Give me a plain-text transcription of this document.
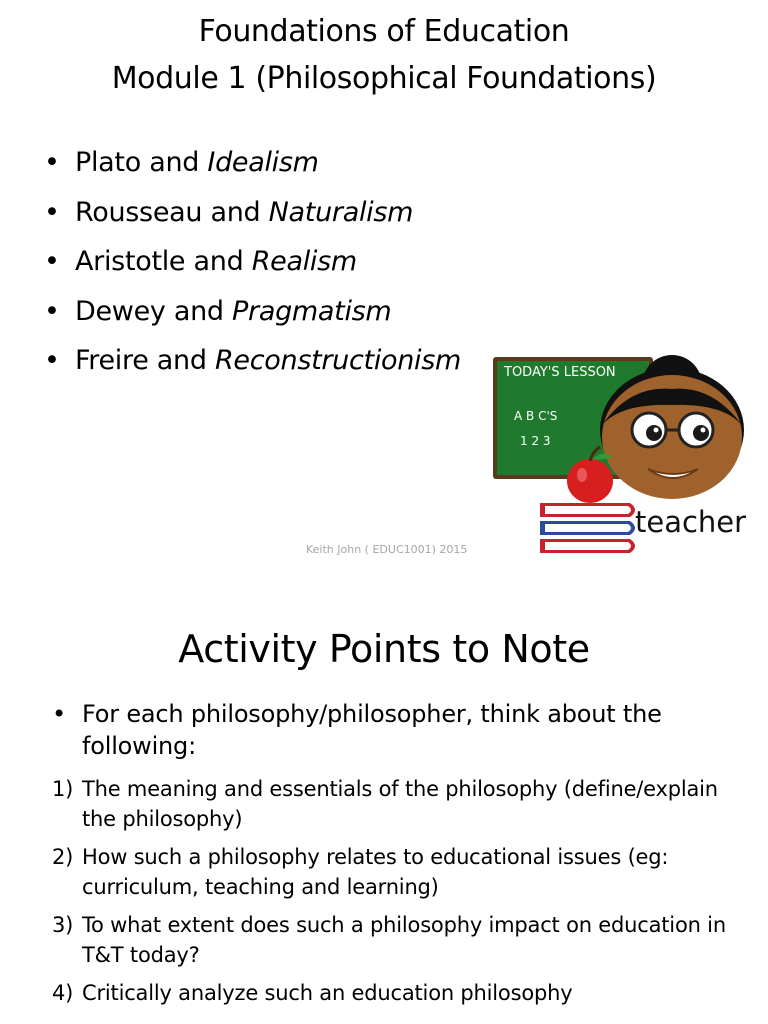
Foundations of Education
Module 1 (Philosophical Foundations)
• Plato and Idealism
• Rousseau and Naturalism
• Aristotle and Realism
• Dewey and Pragmatism
• Freire and Reconstructionism	TODAY'S LESSON
A B C'S
1 2 3
teacher
Keith John ( EDUC1001) 2015
Activity Points to Note
• For each philosophy/philosopher, think about the following:
1) The meaning and essentials of the philosophy (define/explain the philosophy)
2) How such a philosophy relates to educational issues (eg: curriculum, teaching and learning)
3) To what extent does such a philosophy impact on education in T&T today?
4) Critically analyze such an education philosophy
